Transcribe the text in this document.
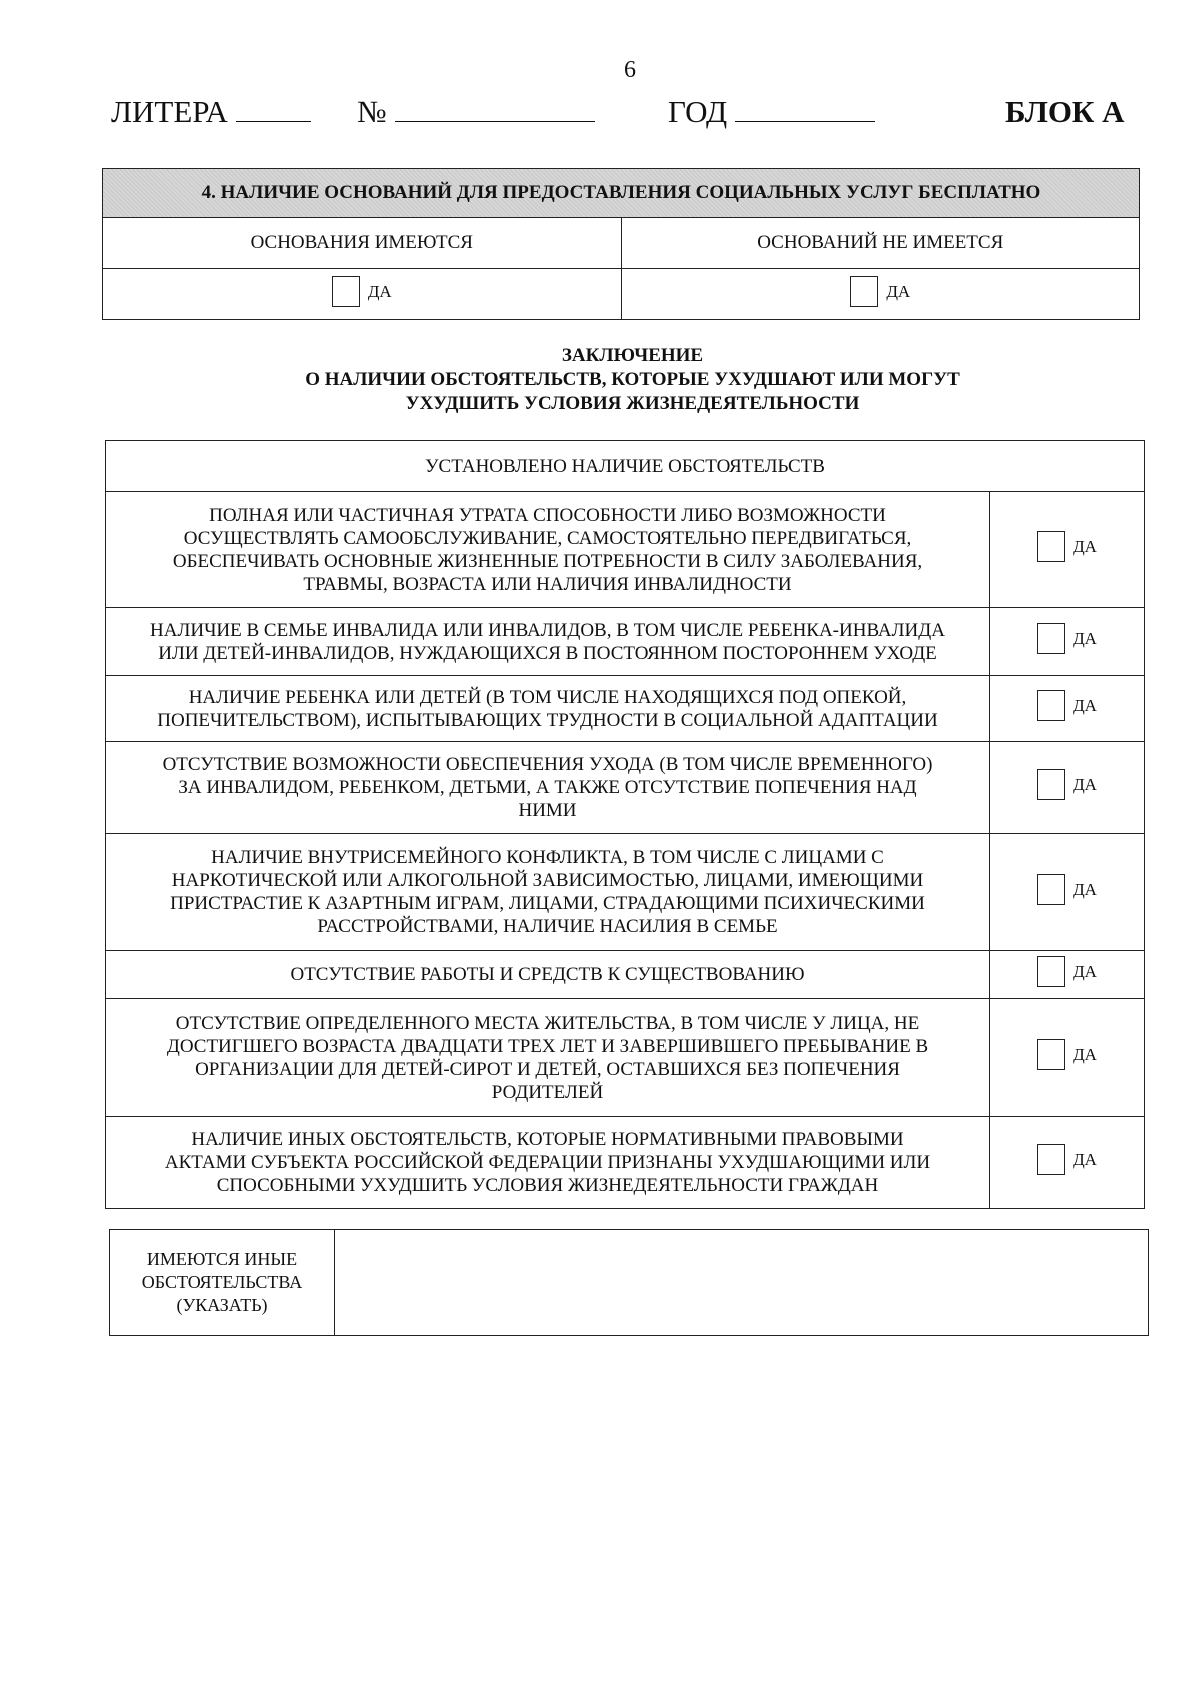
6
ЛИТЕРА	№	ГОД	БЛОК А
4. НАЛИЧИЕ ОСНОВАНИЙ ДЛЯ ПРЕДОСТАВЛЕНИЯ СОЦИАЛЬНЫХ УСЛУГ БЕСПЛАТНО	
ОСНОВАНИЯ ИМЕЮТСЯ	ОСНОВАНИЙ НЕ ИМЕЕТСЯ

ДА	ДА
ЗАКЛЮЧЕНИЕ
О НАЛИЧИИ ОБСТОЯТЕЛЬСТВ, КОТОРЫЕ УХУДШАЮТ ИЛИ МОГУТ
УХУДШИТЬ УСЛОВИЯ ЖИЗНЕДЕЯТЕЛЬНОСТИ
УСТАНОВЛЕНО НАЛИЧИЕ ОБСТОЯТЕЛЬСТВ	

ПОЛНАЯ ИЛИ ЧАСТИЧНАЯ УТРАТА СПОСОБНОСТИ ЛИБО ВОЗМОЖНОСТИ
ОСУЩЕСТВЛЯТЬ САМООБСЛУЖИВАНИЕ, САМОСТОЯТЕЛЬНО ПЕРЕДВИГАТЬСЯ,
ОБЕСПЕЧИВАТЬ ОСНОВНЫЕ ЖИЗНЕННЫЕ ПОТРЕБНОСТИ В СИЛУ ЗАБОЛЕВАНИЯ,
ТРАВМЫ, ВОЗРАСТА ИЛИ НАЛИЧИЯ ИНВАЛИДНОСТИ	ДА

НАЛИЧИЕ В СЕМЬЕ ИНВАЛИДА ИЛИ ИНВАЛИДОВ, В ТОМ ЧИСЛЕ РЕБЕНКА-ИНВАЛИДА
ИЛИ ДЕТЕЙ-ИНВАЛИДОВ, НУЖДАЮЩИХСЯ В ПОСТОЯННОМ ПОСТОРОННЕМ УХОДЕ	ДА

НАЛИЧИЕ РЕБЕНКА ИЛИ ДЕТЕЙ (В ТОМ ЧИСЛЕ НАХОДЯЩИХСЯ ПОД ОПЕКОЙ,
ПОПЕЧИТЕЛЬСТВОМ), ИСПЫТЫВАЮЩИХ ТРУДНОСТИ В СОЦИАЛЬНОЙ АДАПТАЦИИ	ДА

ОТСУТСТВИЕ ВОЗМОЖНОСТИ ОБЕСПЕЧЕНИЯ УХОДА (В ТОМ ЧИСЛЕ ВРЕМЕННОГО)
ЗА ИНВАЛИДОМ, РЕБЕНКОМ, ДЕТЬМИ, А ТАКЖЕ ОТСУТСТВИЕ ПОПЕЧЕНИЯ НАД
НИМИ	ДА

НАЛИЧИЕ ВНУТРИСЕМЕЙНОГО КОНФЛИКТА, В ТОМ ЧИСЛЕ С ЛИЦАМИ С
НАРКОТИЧЕСКОЙ ИЛИ АЛКОГОЛЬНОЙ ЗАВИСИМОСТЬЮ, ЛИЦАМИ, ИМЕЮЩИМИ
ПРИСТРАСТИЕ К АЗАРТНЫМ ИГРАМ, ЛИЦАМИ, СТРАДАЮЩИМИ ПСИХИЧЕСКИМИ
РАССТРОЙСТВАМИ, НАЛИЧИЕ НАСИЛИЯ В СЕМЬЕ	ДА

ОТСУТСТВИЕ РАБОТЫ И СРЕДСТВ К СУЩЕСТВОВАНИЮ	ДА

ОТСУТСТВИЕ ОПРЕДЕЛЕННОГО МЕСТА ЖИТЕЛЬСТВА, В ТОМ ЧИСЛЕ У ЛИЦА, НЕ
ДОСТИГШЕГО ВОЗРАСТА ДВАДЦАТИ ТРЕХ ЛЕТ И ЗАВЕРШИВШЕГО ПРЕБЫВАНИЕ В
ОРГАНИЗАЦИИ ДЛЯ ДЕТЕЙ-СИРОТ И ДЕТЕЙ, ОСТАВШИХСЯ БЕЗ ПОПЕЧЕНИЯ
РОДИТЕЛЕЙ	ДА

НАЛИЧИЕ ИНЫХ ОБСТОЯТЕЛЬСТВ, КОТОРЫЕ НОРМАТИВНЫМИ ПРАВОВЫМИ
АКТАМИ СУБЪЕКТА РОССИЙСКОЙ ФЕДЕРАЦИИ ПРИЗНАНЫ УХУДШАЮЩИМИ ИЛИ
СПОСОБНЫМИ УХУДШИТЬ УСЛОВИЯ ЖИЗНЕДЕЯТЕЛЬНОСТИ ГРАЖДАН	ДА
ИМЕЮТСЯ ИНЫЕ
ОБСТОЯТЕЛЬСТВА
(УКАЗАТЬ)
